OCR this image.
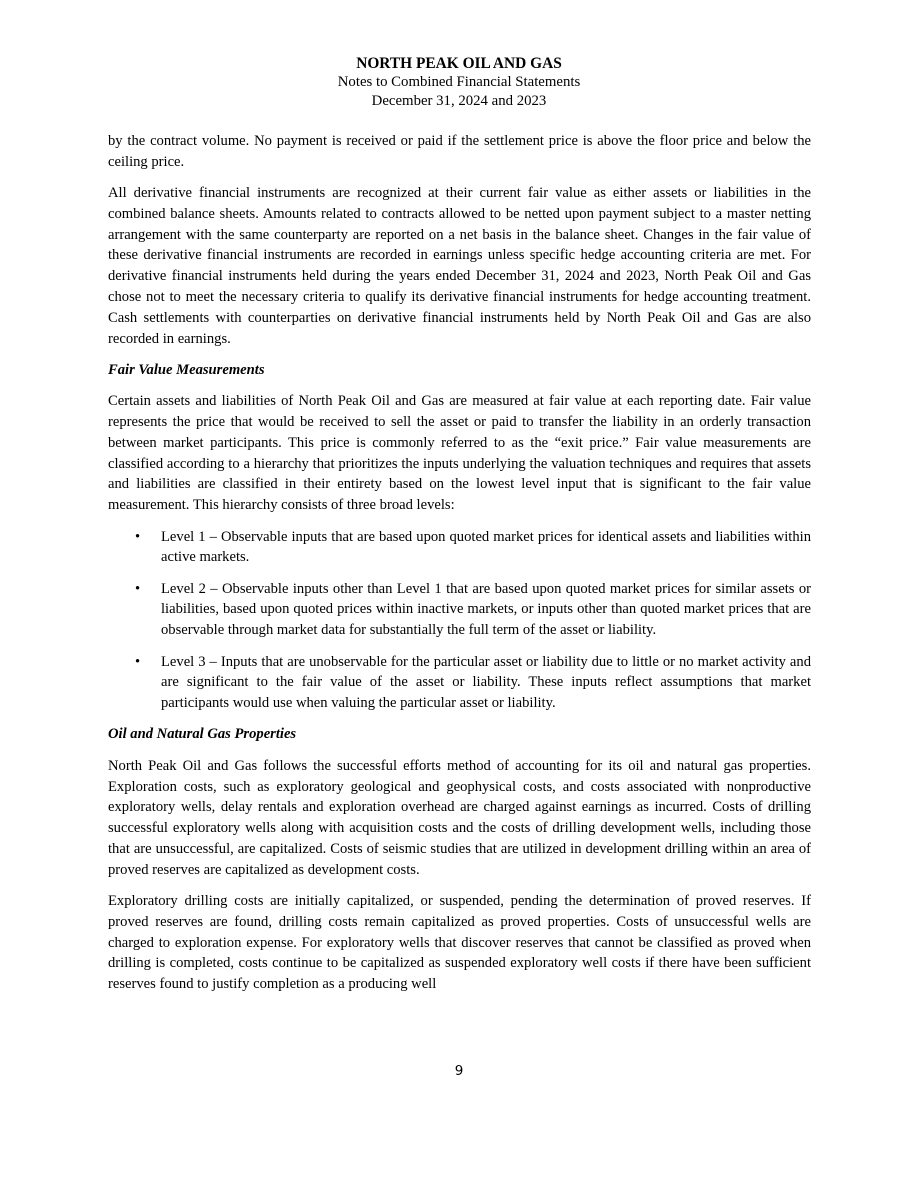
NORTH PEAK OIL AND GAS
Notes to Combined Financial Statements
December 31, 2024 and 2023

by the contract volume. No payment is received or paid if the settlement price is above the floor price and below the ceiling price.

All derivative financial instruments are recognized at their current fair value as either assets or liabilities in the combined balance sheets. Amounts related to contracts allowed to be netted upon payment subject to a master netting arrangement with the same counterparty are reported on a net basis in the balance sheet. Changes in the fair value of these derivative financial instruments are recorded in earnings unless specific hedge accounting criteria are met. For derivative financial instruments held during the years ended December 31, 2024 and 2023, North Peak Oil and Gas chose not to meet the necessary criteria to qualify its derivative financial instruments for hedge accounting treatment. Cash settlements with counterparties on derivative financial instruments held by North Peak Oil and Gas are also recorded in earnings.

Fair Value Measurements

Certain assets and liabilities of North Peak Oil and Gas are measured at fair value at each reporting date. Fair value represents the price that would be received to sell the asset or paid to transfer the liability in an orderly transaction between market participants. This price is commonly referred to as the “exit price.” Fair value measurements are classified according to a hierarchy that prioritizes the inputs underlying the valuation techniques and requires that assets and liabilities are classified in their entirety based on the lowest level input that is significant to the fair value measurement. This hierarchy consists of three broad levels:

• Level 1 – Observable inputs that are based upon quoted market prices for identical assets and liabilities within active markets.
• Level 2 – Observable inputs other than Level 1 that are based upon quoted market prices for similar assets or liabilities, based upon quoted prices within inactive markets, or inputs other than quoted market prices that are observable through market data for substantially the full term of the asset or liability.
• Level 3 – Inputs that are unobservable for the particular asset or liability due to little or no market activity and are significant to the fair value of the asset or liability. These inputs reflect assumptions that market participants would use when valuing the particular asset or liability.
Oil and Natural Gas Properties

North Peak Oil and Gas follows the successful efforts method of accounting for its oil and natural gas properties. Exploration costs, such as exploratory geological and geophysical costs, and costs associated with nonproductive exploratory wells, delay rentals and exploration overhead are charged against earnings as incurred. Costs of drilling successful exploratory wells along with acquisition costs and the costs of drilling development wells, including those that are unsuccessful, are capitalized. Costs of seismic studies that are utilized in development drilling within an area of proved reserves are capitalized as development costs.

Exploratory drilling costs are initially capitalized, or suspended, pending the determination of proved reserves. If proved reserves are found, drilling costs remain capitalized as proved properties. Costs of unsuccessful wells are charged to exploration expense. For exploratory wells that discover reserves that cannot be classified as proved when drilling is completed, costs continue to be capitalized as suspended exploratory well costs if there have been sufficient reserves found to justify completion as a producing well

9
